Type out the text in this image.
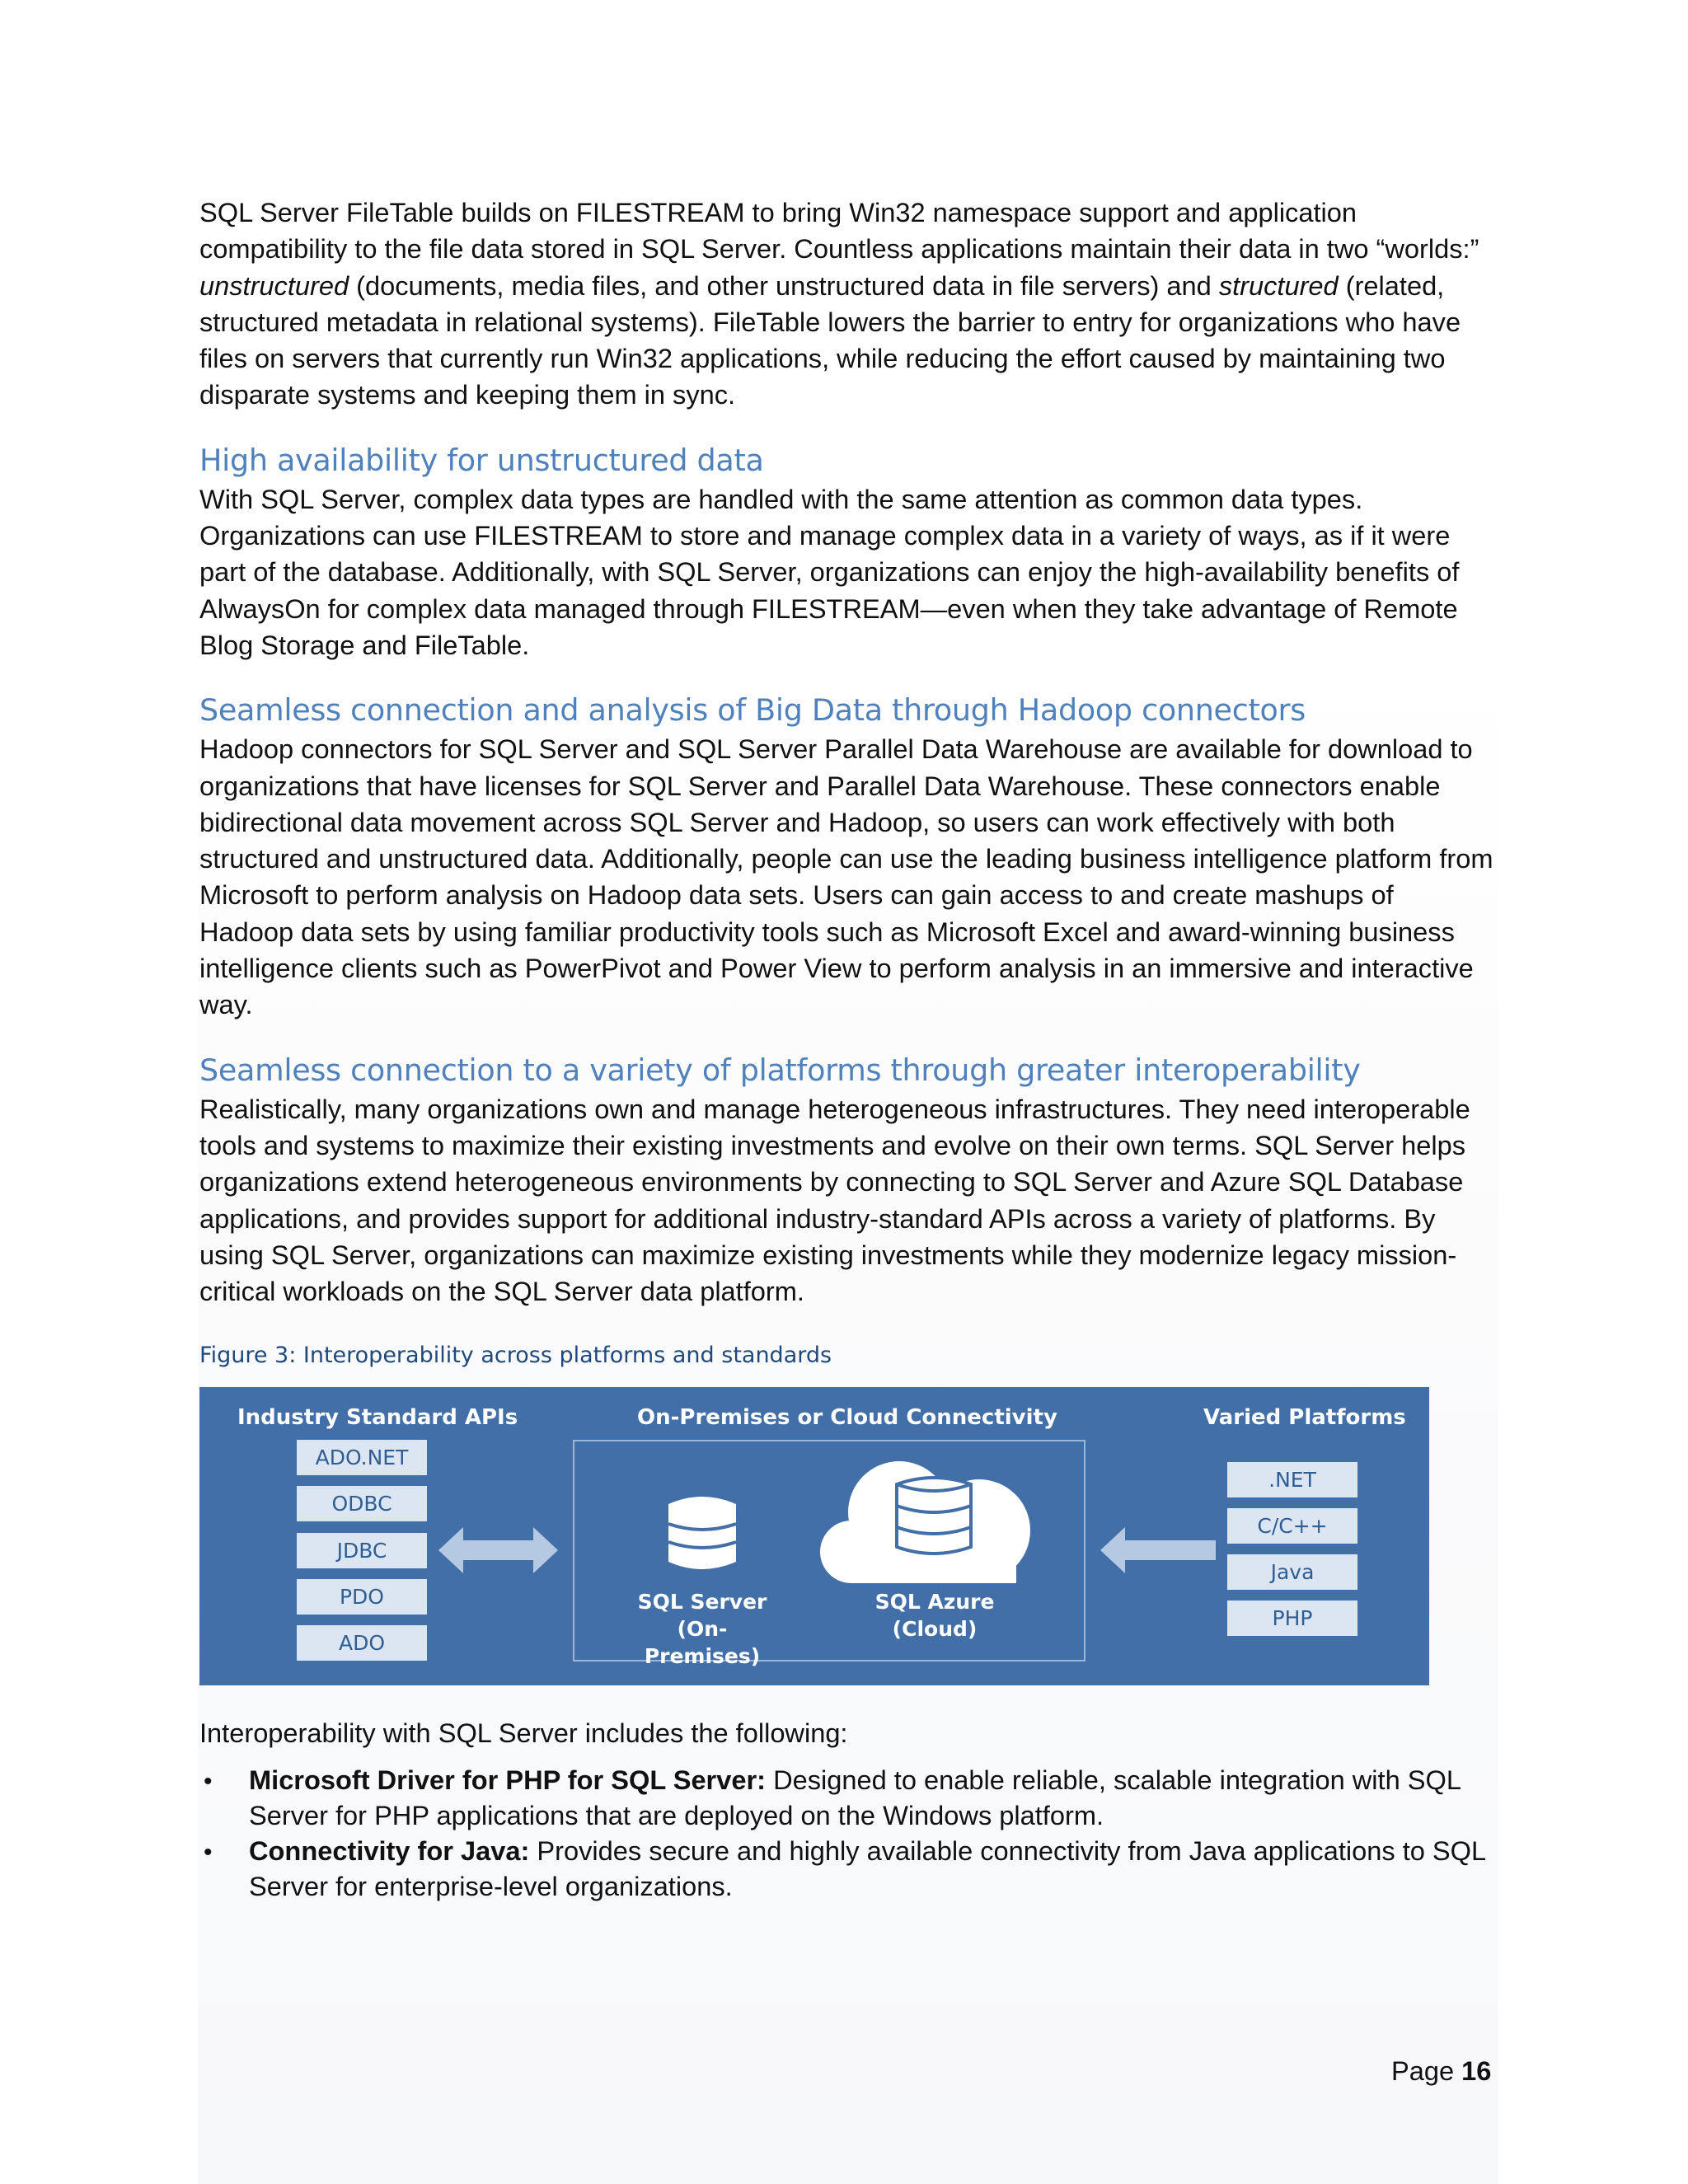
SQL Server FileTable builds on FILESTREAM to bring Win32 namespace support and application compatibility to the file data stored in SQL Server. Countless applications maintain their data in two “worlds:” unstructured (documents, media files, and other unstructured data in file servers) and structured (related, structured metadata in relational systems). FileTable lowers the barrier to entry for organizations who have files on servers that currently run Win32 applications, while reducing the effort caused by maintaining two disparate systems and keeping them in sync.

High availability for unstructured data

With SQL Server, complex data types are handled with the same attention as common data types. Organizations can use FILESTREAM to store and manage complex data in a variety of ways, as if it were part of the database. Additionally, with SQL Server, organizations can enjoy the high-availability benefits of AlwaysOn for complex data managed through FILESTREAM—even when they take advantage of Remote Blog Storage and FileTable.

Seamless connection and analysis of Big Data through Hadoop connectors

Hadoop connectors for SQL Server and SQL Server Parallel Data Warehouse are available for download to organizations that have licenses for SQL Server and Parallel Data Warehouse. These connectors enable bidirectional data movement across SQL Server and Hadoop, so users can work effectively with both structured and unstructured data. Additionally, people can use the leading business intelligence platform from Microsoft to perform analysis on Hadoop data sets. Users can gain access to and create mashups of Hadoop data sets by using familiar productivity tools such as Microsoft Excel and award-winning business intelligence clients such as PowerPivot and Power View to perform analysis in an immersive and interactive way.

Seamless connection to a variety of platforms through greater interoperability

Realistically, many organizations own and manage heterogeneous infrastructures. They need interoperable tools and systems to maximize their existing investments and evolve on their own terms. SQL Server helps organizations extend heterogeneous environments by connecting to SQL Server and Azure SQL Database applications, and provides support for additional industry-standard APIs across a variety of platforms. By using SQL Server, organizations can maximize existing investments while they modernize legacy mission-critical workloads on the SQL Server data platform.

Figure 3: Interoperability across platforms and standards

Industry Standard APIs	On-Premises or Cloud Connectivity	Varied Platforms
ADO.NET
ODBC
JDBC
PDO
ADO
SQL Server
(On-Premises)
SQL Azure
(Cloud)
.NET
C/C++
Java
PHP

Interoperability with SQL Server includes the following:

• Microsoft Driver for PHP for SQL Server: Designed to enable reliable, scalable integration with SQL Server for PHP applications that are deployed on the Windows platform.
• Connectivity for Java: Provides secure and highly available connectivity from Java applications to SQL Server for enterprise-level organizations.
Page 16
